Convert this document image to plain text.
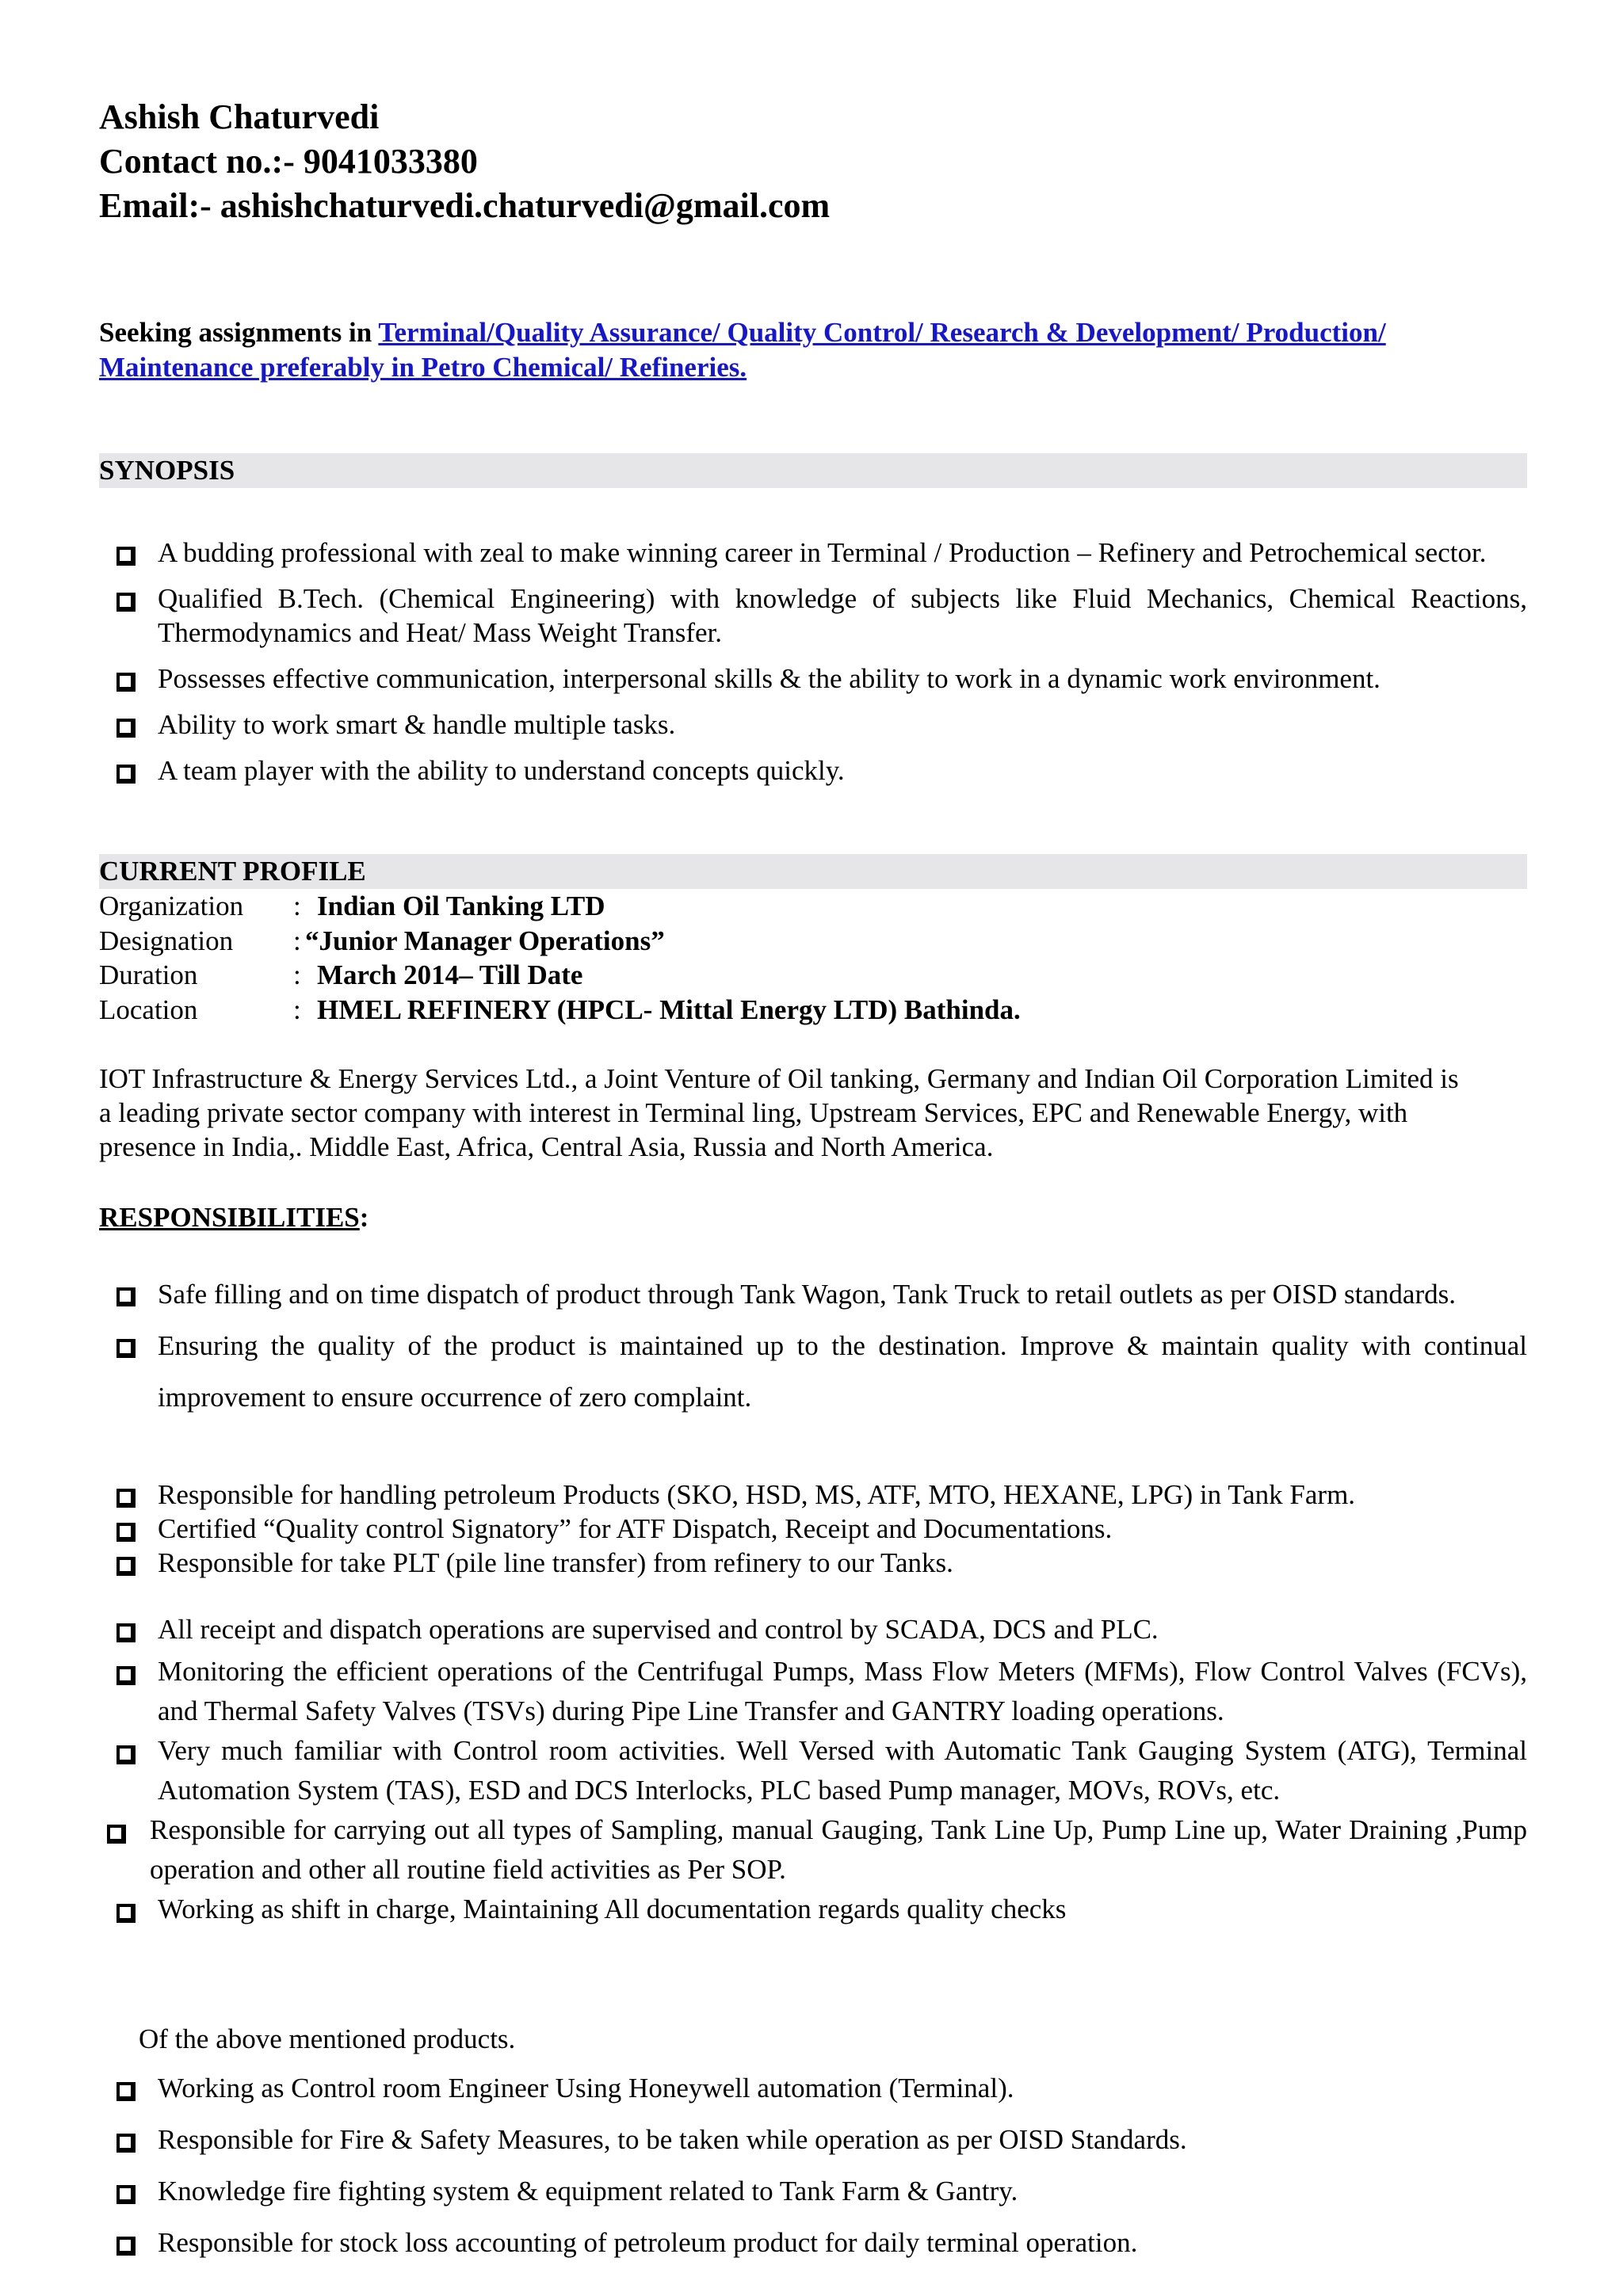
Ashish Chaturvedi
Contact no.:- 9041033380
Email:- ashishchaturvedi.chaturvedi@gmail.com
Seeking assignments in Terminal/Quality Assurance/ Quality Control/ Research & Development/ Production/
Maintenance preferably in Petro Chemical/ Refineries.
SYNOPSIS
A budding professional with zeal to make winning career in Terminal / Production – Refinery and Petrochemical sector.
Qualified B.Tech. (Chemical Engineering) with knowledge of subjects like Fluid Mechanics, Chemical Reactions, Thermodynamics and Heat/ Mass Weight Transfer.
Possesses effective communication, interpersonal skills & the ability to work in a dynamic work environment.
Ability to work smart & handle multiple tasks.
A team player with the ability to understand concepts quickly.
CURRENT PROFILE
Organization	: Indian Oil Tanking LTD
Designation	: “Junior Manager Operations”
Duration	: March 2014– Till Date
Location	: HMEL REFINERY (HPCL- Mittal Energy LTD) Bathinda.
IOT Infrastructure & Energy Services Ltd., a Joint Venture of Oil tanking, Germany and Indian Oil Corporation Limited is a leading private sector company with interest in Terminal ling, Upstream Services, EPC and Renewable Energy, with presence in India,. Middle East, Africa, Central Asia, Russia and North America.
RESPONSIBILITIES:
Safe filling and on time dispatch of product through Tank Wagon, Tank Truck to retail outlets as per OISD standards.
Ensuring the quality of the product is maintained up to the destination. Improve & maintain quality with continual improvement to ensure occurrence of zero complaint.
Responsible for handling petroleum Products (SKO, HSD, MS, ATF, MTO, HEXANE, LPG) in Tank Farm.
Certified “Quality control Signatory” for ATF Dispatch, Receipt and Documentations.
Responsible for take PLT (pile line transfer) from refinery to our Tanks.
All receipt and dispatch operations are supervised and control by SCADA, DCS and PLC.
Monitoring the efficient operations of the Centrifugal Pumps, Mass Flow Meters (MFMs), Flow Control Valves (FCVs), and Thermal Safety Valves (TSVs) during Pipe Line Transfer and GANTRY loading operations.
Very much familiar with Control room activities. Well Versed with Automatic Tank Gauging System (ATG), Terminal Automation System (TAS), ESD and DCS Interlocks, PLC based Pump manager, MOVs, ROVs, etc.
Responsible for carrying out all types of Sampling, manual Gauging, Tank Line Up, Pump Line up, Water Draining ,Pump operation and other all routine field activities as Per SOP.
Working as shift in charge, Maintaining All documentation regards quality checks
Of the above mentioned products.
Working as Control room Engineer Using Honeywell automation (Terminal).
Responsible for Fire & Safety Measures, to be taken while operation as per OISD Standards.
Knowledge fire fighting system & equipment related to Tank Farm & Gantry.
Responsible for stock loss accounting of petroleum product for daily terminal operation.
